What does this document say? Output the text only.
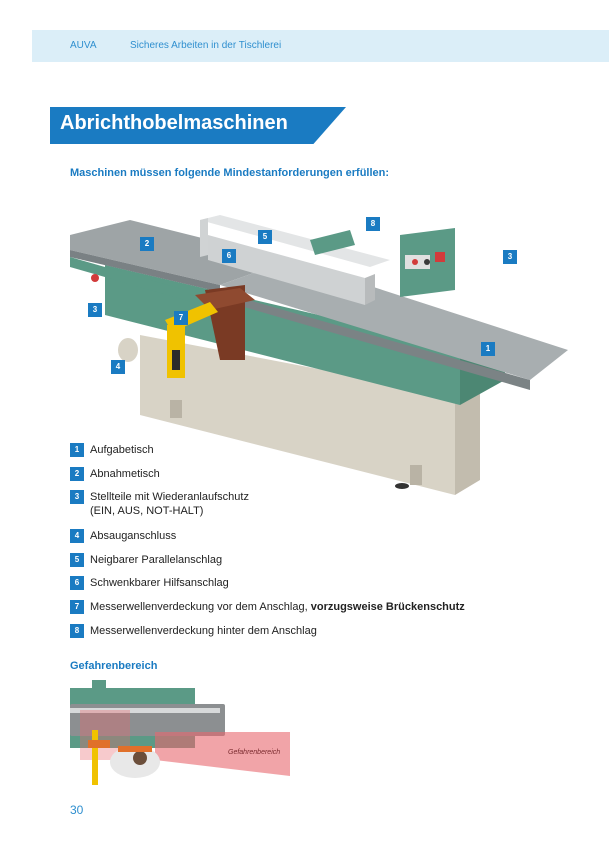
AUVA	Sicheres Arbeiten in der Tischlerei
Abrichthobelmaschinen
Maschinen müssen folgende Mindestanforderungen erfüllen:
1
2
3
3
4
5
6
7
8
1 Aufgabetisch
2 Abnahmetisch
3 Stellteile mit Wiederanlaufschutz
(EIN, AUS, NOT-HALT)
4 Absauganschluss
5 Neigbarer Parallelanschlag
6 Schwenkbarer Hilfsanschlag
7 Messerwellenverdeckung vor dem Anschlag, vorzugsweise Brückenschutz
8 Messerwellenverdeckung hinter dem Anschlag
Gefahrenbereich
Gefahrenbereich
30
